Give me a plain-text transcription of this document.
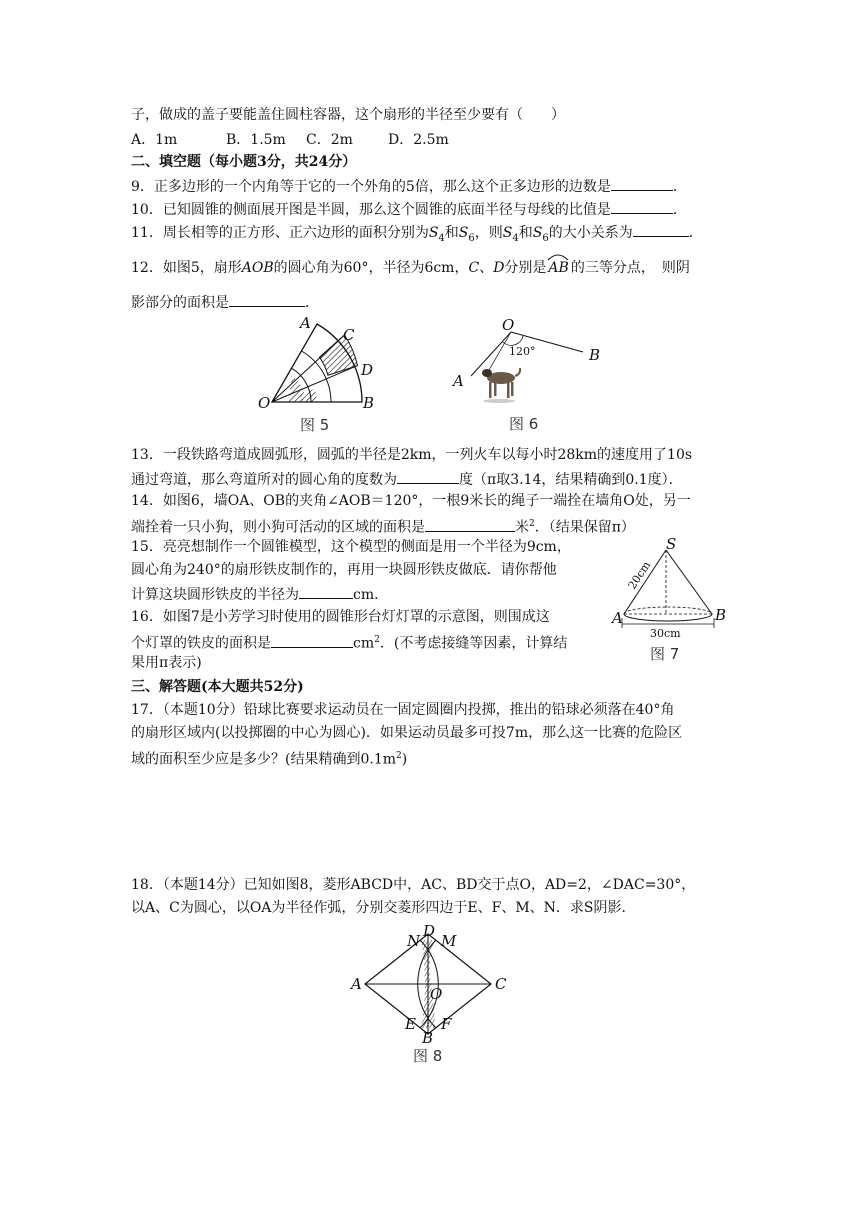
子，做成的盖子要能盖住圆柱容器，这个扇形的半径至少要有（　　）
A．1m	B．1.5m C．2m	D．2.5m
二、填空题（每小题3分，共24分）
9．正多边形的一个内角等于它的一个外角的5倍，那么这个正多边形的边数是	．
10．已知圆锥的侧面展开图是半圆，那么这个圆锥的底面半径与母线的比值是	．
11．周长相等的正方形、正六边形的面积分别为$S_4$和$S_6$，则$S_4$和$S_6$的大小关系为	．
12．如图5，扇形AOB的圆心角为60°，半径为6cm，C、D分别是 AB 的三等分点，　则阴
影部分的面积是	．
A
C
D
O	B
图 5
120°
O
A
B
图 6
13．一段铁路弯道成圆弧形，圆弧的半径是2km，一列火车以每小时28km的速度用了10s
通过弯道，那么弯道所对的圆心角的度数为	度（π取3.14，结果精确到0.1度）．
14．如图6，墙OA、OB的夹角∠AOB＝120°，一根9米长的绳子一端拴在墙角O处，另一
端拴着一只小狗，则小狗可活动的区域的面积是	米$^2$．（结果保留π）
15．亮亮想制作一个圆锥模型，这个模型的侧面是用一个半径为9cm，
圆心角为240°的扇形铁皮制作的，再用一块圆形铁皮做底．请你帮他
计算这块圆形铁皮的半径为	cm．
16．如图7是小芳学习时使用的圆锥形台灯灯罩的示意图，则围成这
个灯罩的铁皮的面积是	$cm^2$．(不考虑接缝等因素，计算结
果用π表示)
20cm
30cm
S
A	B
图 7
三、解答题(本大题共52分)
17．（本题10分）铅球比赛要求运动员在一固定圆圈内投掷，推出的铅球必须落在40°角
的扇形区域内(以投掷圈的中心为圆心)．如果运动员最多可投7m，那么这一比赛的危险区
域的面积至少应是多少？(结果精确到$0.1m^2$)
18．（本题14分）已知如图8，菱形ABCD中，AC、BD交于点O，AD=2，∠DAC=30°，
以A、C为圆心，以OA为半径作弧，分别交菱形四边于E、F、M、N．求S阴影．
N
D
M
A	C
O
E
B
F
图 8
